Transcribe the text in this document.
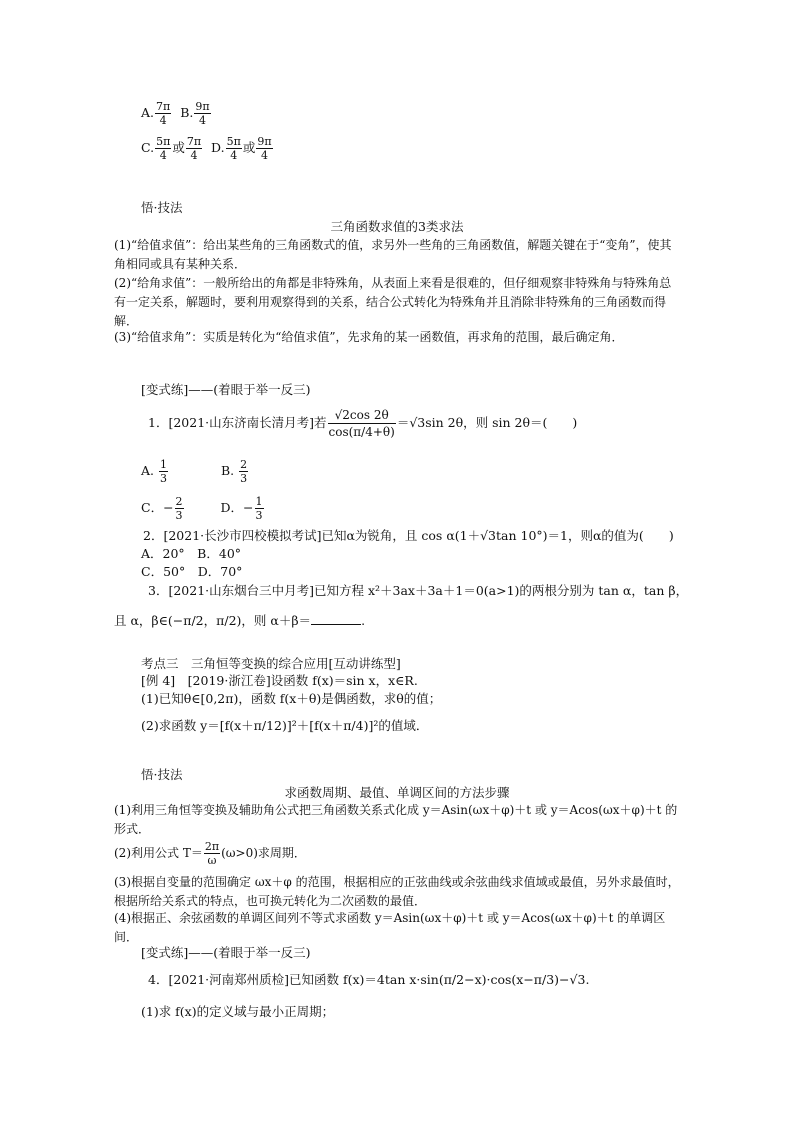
A. $\frac{7\pi}{4} B$. $\frac{9\pi}{4}$
C. $\frac{5\pi}{4}$ 或 $\frac{7\pi}{4} D$. $\frac{5\pi}{4}$ 或 $\frac{9\pi}{4}$
悟·技法
三角函数求值的3类求法
(1)“给值求值”：给出某些角的三角函数式的值，求另外一些角的三角函数值，解题关键在于“变角”，使其角相同或具有某种关系．
(2)“给角求值”：一般所给出的角都是非特殊角，从表面上来看是很难的，但仔细观察非特殊角与特殊角总有一定关系，解题时，要利用观察得到的关系，结合公式转化为特殊角并且消除非特殊角的三角函数而得解．
(3)“给值求角”：实质是转化为“给值求值”，先求角的某一函数值，再求角的范围，最后确定角．
[变式练]——(着眼于举一反三)
1．[2021·山东济南长清月考]若 $\frac{√2\cos 2\theta}{\cos(\pi/4+\theta)} =√3\sin$ 2θ，则 sin 2θ＝(　　)
A. $\frac{1}{3}$	B. $\frac{2}{3}$
C．− $\frac{2}{3}$	D．− $\frac{1}{3}$
2．[2021·长沙市四校模拟考试]已知α为锐角，且 cos α(1＋√3tan 10°)＝1，则α的值为(　　)
A．20°　B．40°
C．50°　D．70°
3．[2021·山东烟台三中月考]已知方程 x²＋3ax＋3a＋1＝0(a>1)的两根分别为 tan α，tan β，
且 α，β∈(−π/2，π/2)，则 α＋β＝	.
考点三　三角恒等变换的综合应用[互动讲练型]
[例 4]　[2019·浙江卷]设函数 f(x)＝sin x，x∈R.
(1)已知θ∈[0,2π)，函数 f(x＋θ)是偶函数，求θ的值；
(2)求函数 y＝[f(x＋π/12)]²＋[f(x＋π/4)]²的值域．
悟·技法
求函数周期、最值、单调区间的方法步骤
(1)利用三角恒等变换及辅助角公式把三角函数关系式化成 y＝Asin(ωx＋φ)＋t 或 y＝Acos(ωx＋φ)＋t 的形式．
(2)利用公式 $T= \frac{2\pi}{\omega} (\omega>0)$求周期．
(3)根据自变量的范围确定 ωx＋φ 的范围，根据相应的正弦曲线或余弦曲线求值域或最值，另外求最值时，根据所给关系式的特点，也可换元转化为二次函数的最值．
(4)根据正、余弦函数的单调区间列不等式求函数 y＝Asin(ωx＋φ)＋t 或 y＝Acos(ωx＋φ)＋t 的单调区间．
[变式练]——(着眼于举一反三)
4．[2021·河南郑州质检]已知函数 f(x)＝4tan x·sin(π/2−x)·cos(x−π/3)−√3.
(1)求 f(x)的定义域与最小正周期；
